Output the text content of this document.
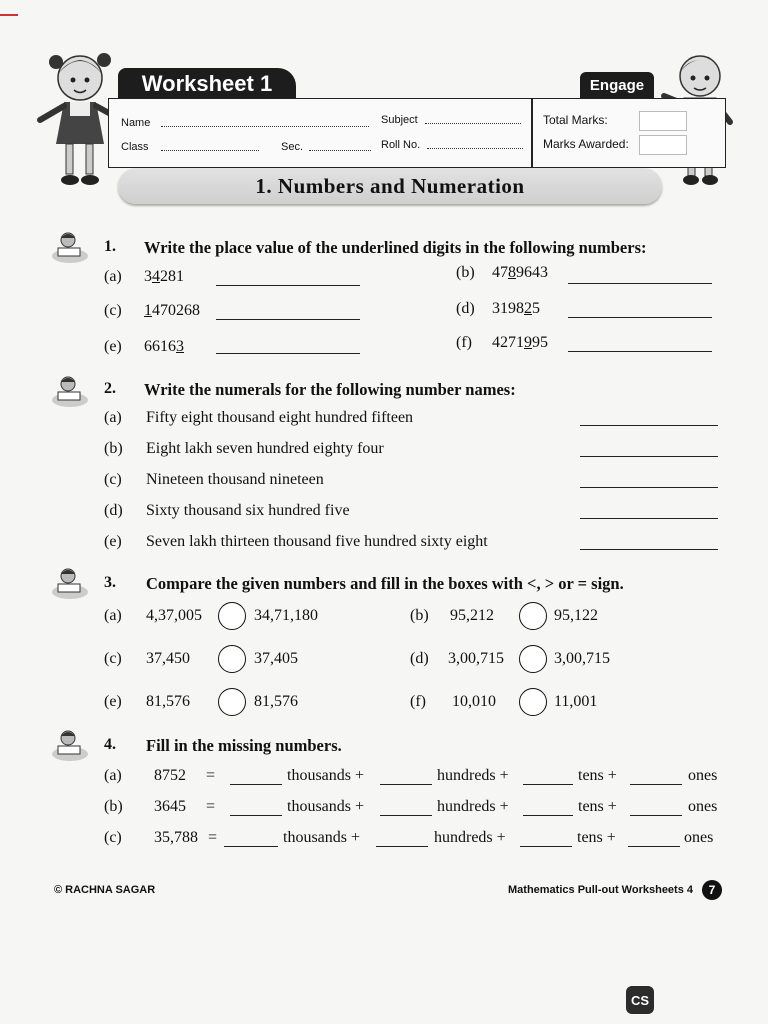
Worksheet 1	Engage
Name	Subject
Class	Sec.	Roll No.
Total Marks:
Marks Awarded:
1. Numbers and Numeration
1. Write the place value of the underlined digits in the following numbers:
(a) 34281	(b) 4789643
(c) 1470268	(d) 319825
(e) 66163	(f) 4271995
2. Write the numerals for the following number names:
(a) Fifty eight thousand eight hundred fifteen
(b) Eight lakh seven hundred eighty four
(c) Nineteen thousand nineteen
(d) Sixty thousand six hundred five
(e) Seven lakh thirteen thousand five hundred sixty eight
3. Compare the given numbers and fill in the boxes with <, > or = sign.
(a) 4,37,005	34,71,180	(b) 95,212	95,122
(c) 37,450	37,405	(d) 3,00,715	3,00,715
(e) 81,576	81,576	(f) 10,010	11,001
4. Fill in the missing numbers.
(a) 8752 =	thousands +	hundreds +	tens +	ones
(b) 3645 =	thousands +	hundreds +	tens +	ones
(c) 35,788 =	thousands +	hundreds +	tens +	ones
© RACHNA SAGAR	Mathematics Pull-out Worksheets 4	7
CS
